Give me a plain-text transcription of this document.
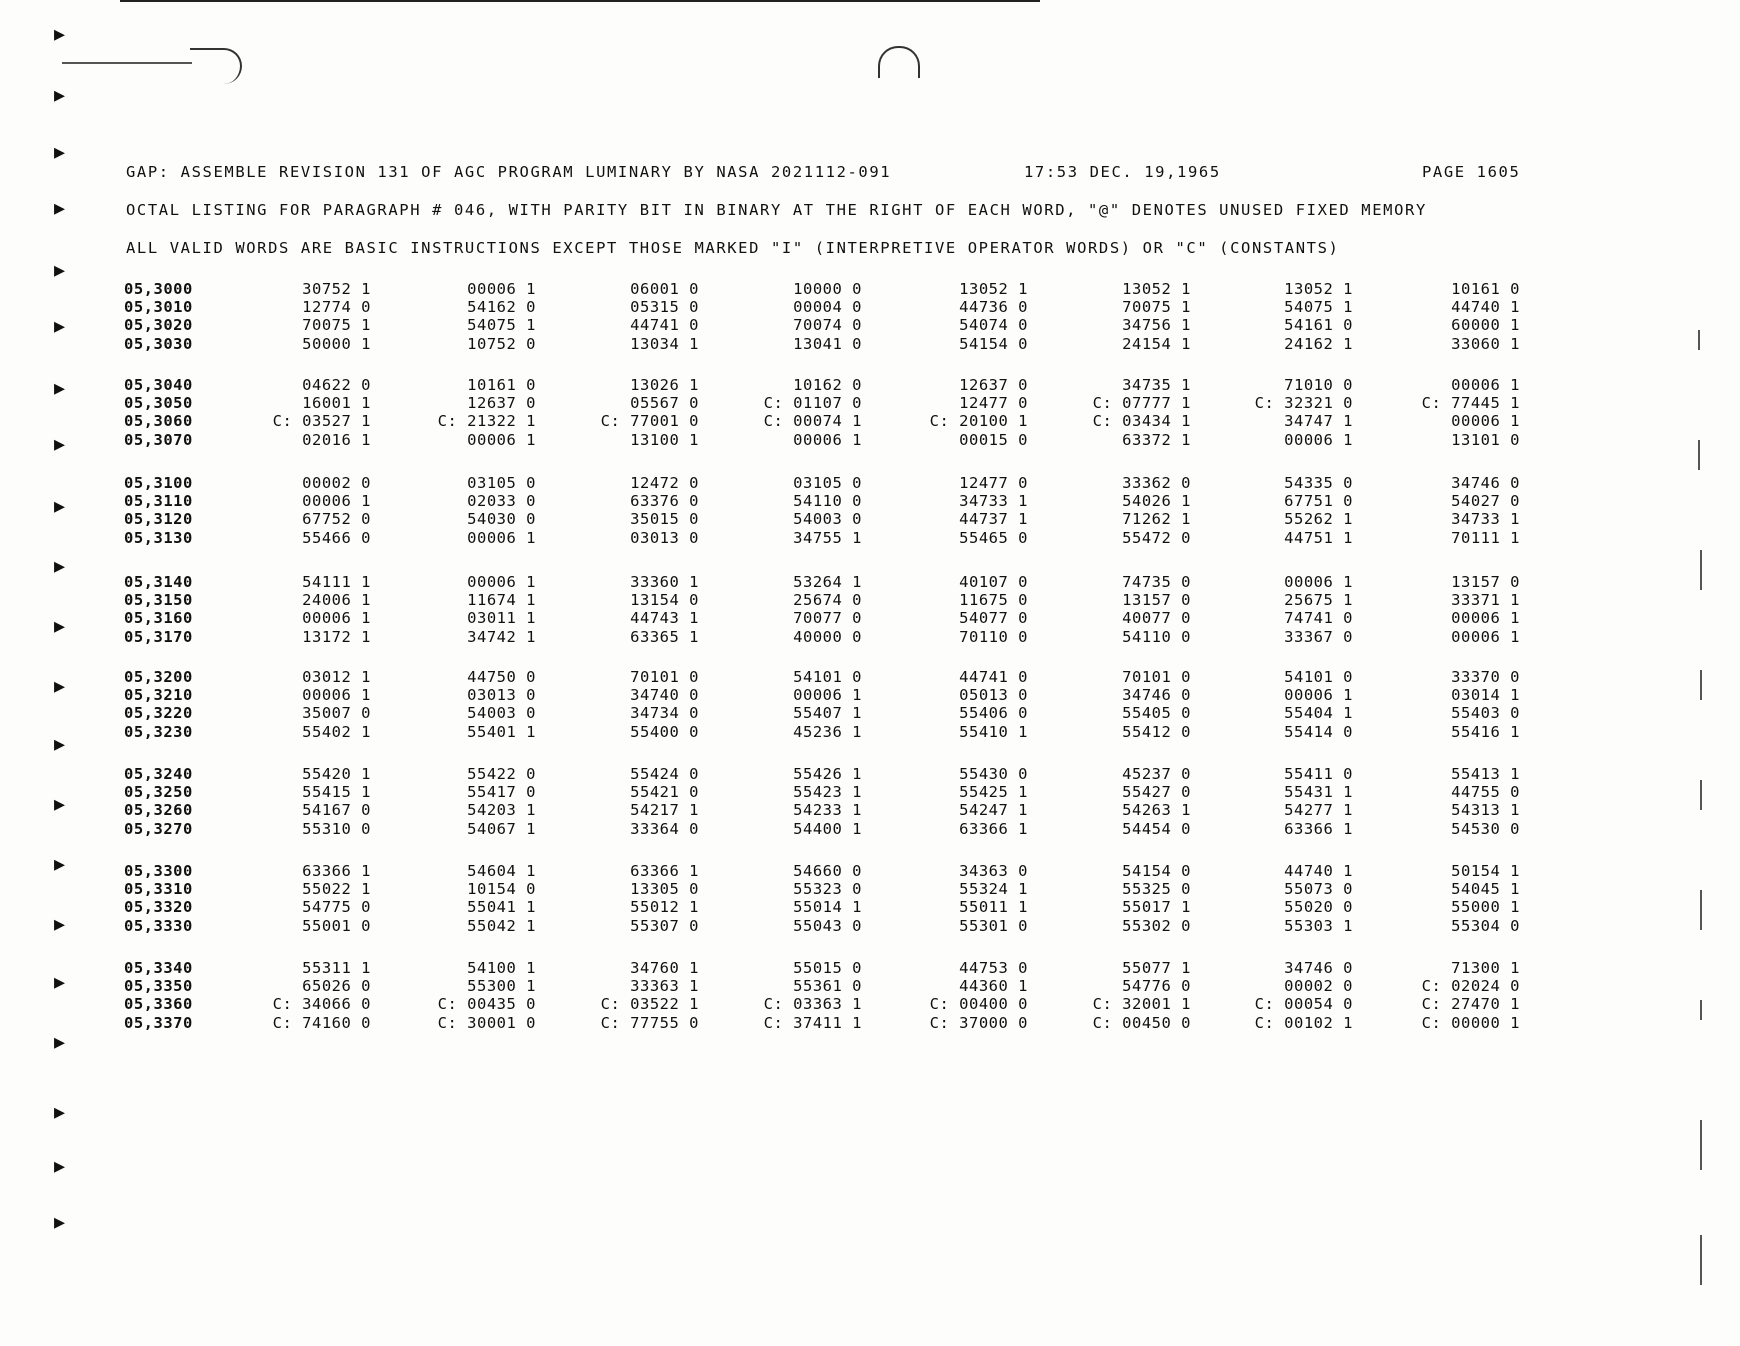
▸
▸
▸
▸
▸
▸
▸
▸
▸
▸
▸
▸
▸
▸
▸
▸
▸
▸
▸
▸
▸
GAP: ASSEMBLE REVISION 131 OF AGC PROGRAM LUMINARY BY NASA 2021112-091	17:53 DEC. 19,1965	PAGE 1605
OCTAL LISTING FOR PARAGRAPH # 046, WITH PARITY BIT IN BINARY AT THE RIGHT OF EACH WORD, "@" DENOTES UNUSED FIXED MEMORY
ALL VALID WORDS ARE BASIC INSTRUCTIONS EXCEPT THOSE MARKED "I" (INTERPRETIVE OPERATOR WORDS) OR "C" (CONSTANTS)
05,3000	30752 1	00006 1	06001 0	10000 0	13052 1	13052 1	13052 1	10161 0
05,3010	12774 0	54162 0	05315 0	00004 0	44736 0	70075 1	54075 1	44740 1
05,3020	70075 1	54075 1	44741 0	70074 0	54074 0	34756 1	54161 0	60000 1
05,3030	50000 1	10752 0	13034 1	13041 0	54154 0	24154 1	24162 1	33060 1
05,3040	04622 0	10161 0	13026 1	10162 0	12637 0	34735 1	71010 0	00006 1
05,3050	16001 1	12637 0	05567 0	C: 01107 0	12477 0	C: 07777 1	C: 32321 0	C: 77445 1
05,3060	C: 03527 1	C: 21322 1	C: 77001 0	C: 00074 1	C: 20100 1	C: 03434 1	34747 1	00006 1
05,3070	02016 1	00006 1	13100 1	00006 1	00015 0	63372 1	00006 1	13101 0
05,3100	00002 0	03105 0	12472 0	03105 0	12477 0	33362 0	54335 0	34746 0
05,3110	00006 1	02033 0	63376 0	54110 0	34733 1	54026 1	67751 0	54027 0
05,3120	67752 0	54030 0	35015 0	54003 0	44737 1	71262 1	55262 1	34733 1
05,3130	55466 0	00006 1	03013 0	34755 1	55465 0	55472 0	44751 1	70111 1
05,3140	54111 1	00006 1	33360 1	53264 1	40107 0	74735 0	00006 1	13157 0
05,3150	24006 1	11674 1	13154 0	25674 0	11675 0	13157 0	25675 1	33371 1
05,3160	00006 1	03011 1	44743 1	70077 0	54077 0	40077 0	74741 0	00006 1
05,3170	13172 1	34742 1	63365 1	40000 0	70110 0	54110 0	33367 0	00006 1
05,3200	03012 1	44750 0	70101 0	54101 0	44741 0	70101 0	54101 0	33370 0
05,3210	00006 1	03013 0	34740 0	00006 1	05013 0	34746 0	00006 1	03014 1
05,3220	35007 0	54003 0	34734 0	55407 1	55406 0	55405 0	55404 1	55403 0
05,3230	55402 1	55401 1	55400 0	45236 1	55410 1	55412 0	55414 0	55416 1
05,3240	55420 1	55422 0	55424 0	55426 1	55430 0	45237 0	55411 0	55413 1
05,3250	55415 1	55417 0	55421 0	55423 1	55425 1	55427 0	55431 1	44755 0
05,3260	54167 0	54203 1	54217 1	54233 1	54247 1	54263 1	54277 1	54313 1
05,3270	55310 0	54067 1	33364 0	54400 1	63366 1	54454 0	63366 1	54530 0
05,3300	63366 1	54604 1	63366 1	54660 0	34363 0	54154 0	44740 1	50154 1
05,3310	55022 1	10154 0	13305 0	55323 0	55324 1	55325 0	55073 0	54045 1
05,3320	54775 0	55041 1	55012 1	55014 1	55011 1	55017 1	55020 0	55000 1
05,3330	55001 0	55042 1	55307 0	55043 0	55301 0	55302 0	55303 1	55304 0
05,3340	55311 1	54100 1	34760 1	55015 0	44753 0	55077 1	34746 0	71300 1
05,3350	65026 0	55300 1	33363 1	55361 0	44360 1	54776 0	00002 0	C: 02024 0
05,3360	C: 34066 0	C: 00435 0	C: 03522 1	C: 03363 1	C: 00400 0	C: 32001 1	C: 00054 0	C: 27470 1
05,3370	C: 74160 0	C: 30001 0	C: 77755 0	C: 37411 1	C: 37000 0	C: 00450 0	C: 00102 1	C: 00000 1
